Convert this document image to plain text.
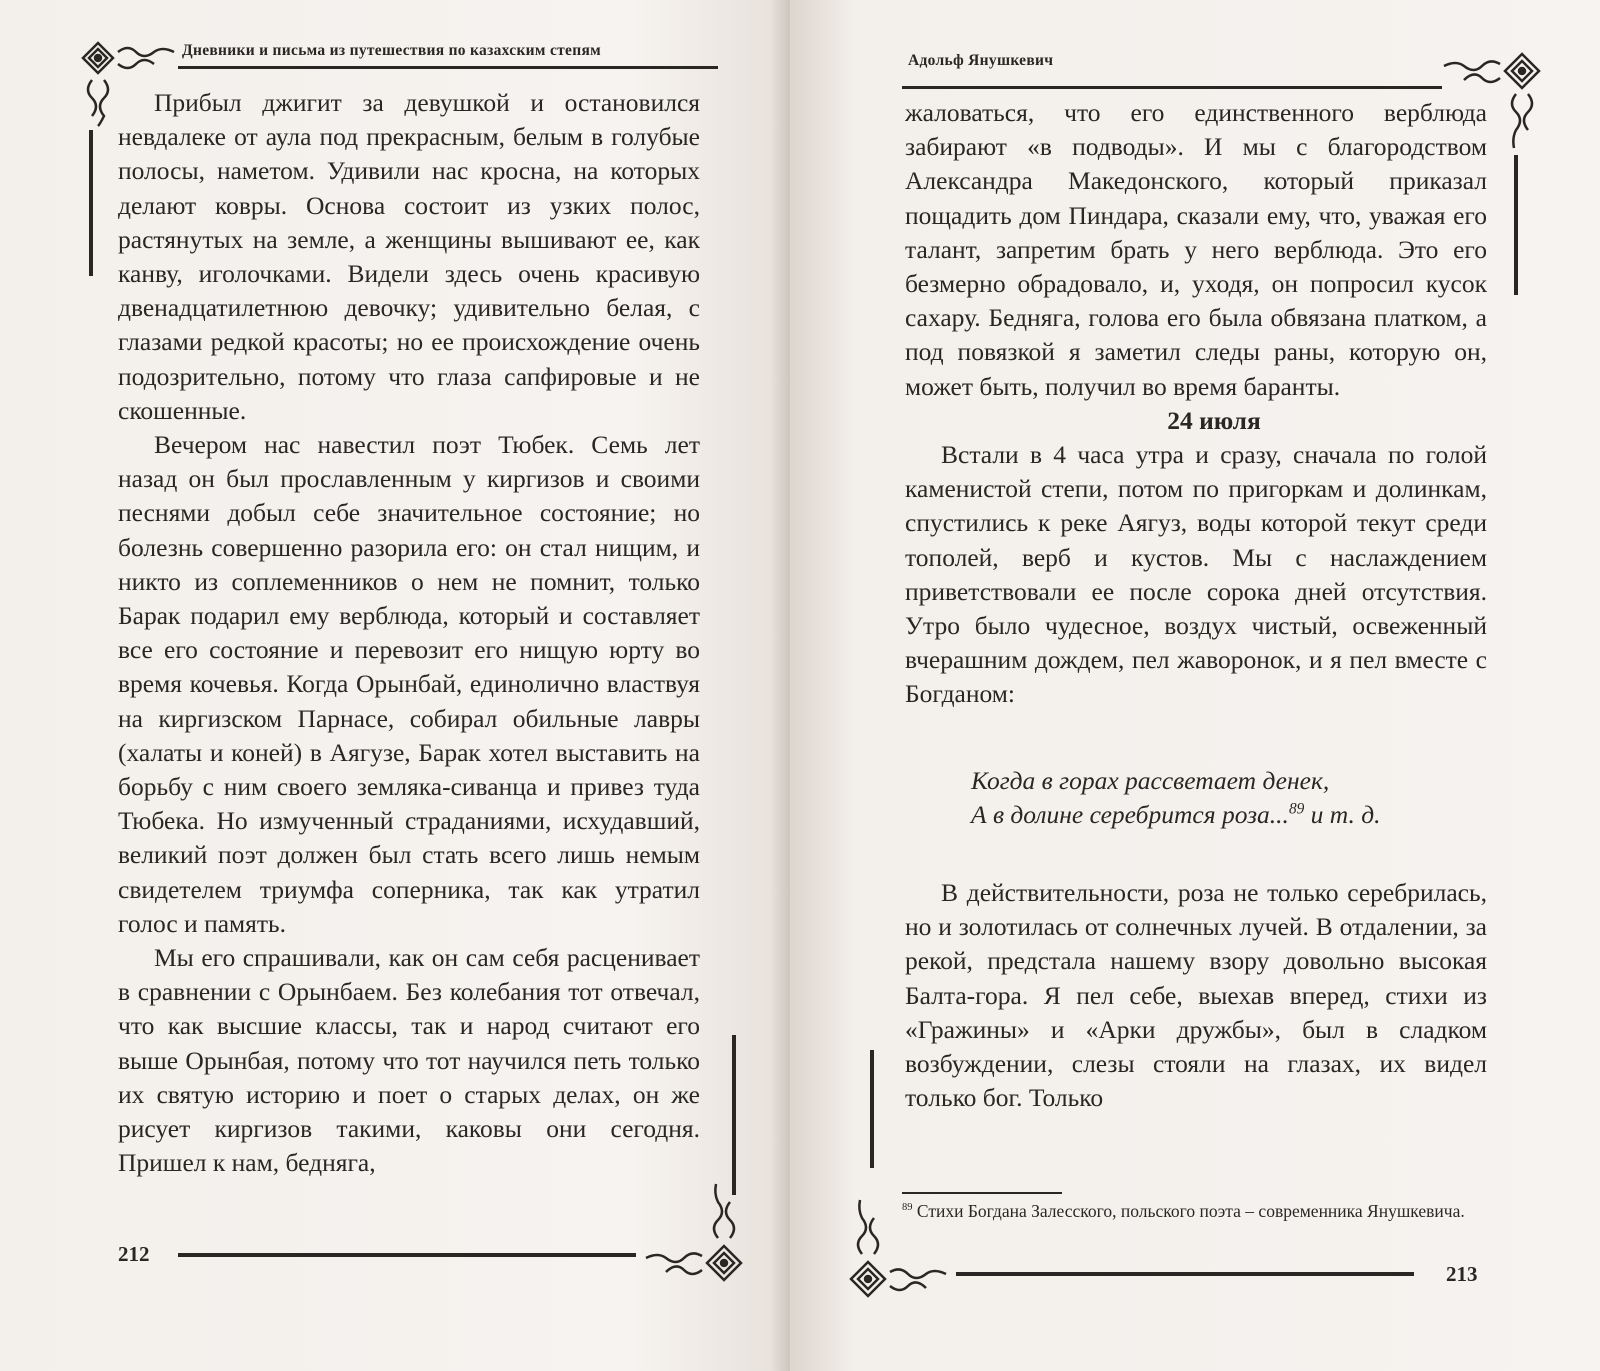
Дневники и письма из путешествия по казахским степям

Прибыл джигит за девушкой и остановился невдалеке от аула под прекрасным, белым в голубые полосы, наметом. Удивили нас кросна, на которых делают ковры. Основа состоит из узких полос, растянутых на земле, а женщины вышивают ее, как канву, иголочками. Видели здесь очень красивую двенадцатилетнюю девочку; удивительно белая, с глазами редкой красоты; но ее происхождение очень подозрительно, потому что глаза сапфировые и не скошенные.

Вечером нас навестил поэт Тюбек. Семь лет назад он был прославленным у киргизов и своими песнями добыл себе значительное состояние; но болезнь совершенно разорила его: он стал нищим, и никто из соплеменников о нем не помнит, только Барак подарил ему верблюда, который и составляет все его состояние и перевозит его нищую юрту во время кочевья. Когда Орынбай, единолично властвуя на киргизском Парнасе, собирал обильные лавры (халаты и коней) в Аягузе, Барак хотел выставить на борьбу с ним своего земляка-сиванца и привез туда Тюбека. Но измученный страданиями, исхудавший, великий поэт должен был стать всего лишь немым свидетелем триумфа соперника, так как утратил голос и память.

Мы его спрашивали, как он сам себя расценивает в сравнении с Орынбаем. Без колебания тот отвечал, что как высшие классы, так и народ считают его выше Орынбая, потому что тот научился петь только их святую историю и поет о старых делах, он же рисует киргизов такими, каковы они сегодня. Пришел к нам, бедняга,

212
Адольф Янушкевич

жаловаться, что его единственного верблюда забирают «в подводы». И мы с благородством Александра Македонского, который приказал пощадить дом Пиндара, сказали ему, что, уважая его талант, запретим брать у него верблюда. Это его безмерно обрадовало, и, уходя, он попросил кусок сахару. Бедняга, голова его была обвязана платком, а под повязкой я заметил следы раны, которую он, может быть, получил во время баранты.

24 июля

Встали в 4 часа утра и сразу, сначала по голой каменистой степи, потом по пригоркам и долинкам, спустились к реке Аягуз, воды которой текут среди тополей, верб и кустов. Мы с наслаждением приветствовали ее после сорока дней отсутствия. Утро было чудесное, воздух чистый, освеженный вчерашним дождем, пел жаворонок, и я пел вместе с Богданом:

Когда в горах рассветает денек,
А в долине серебрится роза...$^{89}$ и т. д.

В действительности, роза не только серебрилась, но и золотилась от солнечных лучей. В отдалении, за рекой, предстала нашему взору довольно высокая Балта-гора. Я пел себе, выехав вперед, стихи из «Гражины» и «Арки дружбы», был в сладком возбуждении, слезы стояли на глазах, их видел только бог. Только

$^{89}$ Стихи Богдана Залесского, польского поэта – современника Янушкевича.
213
